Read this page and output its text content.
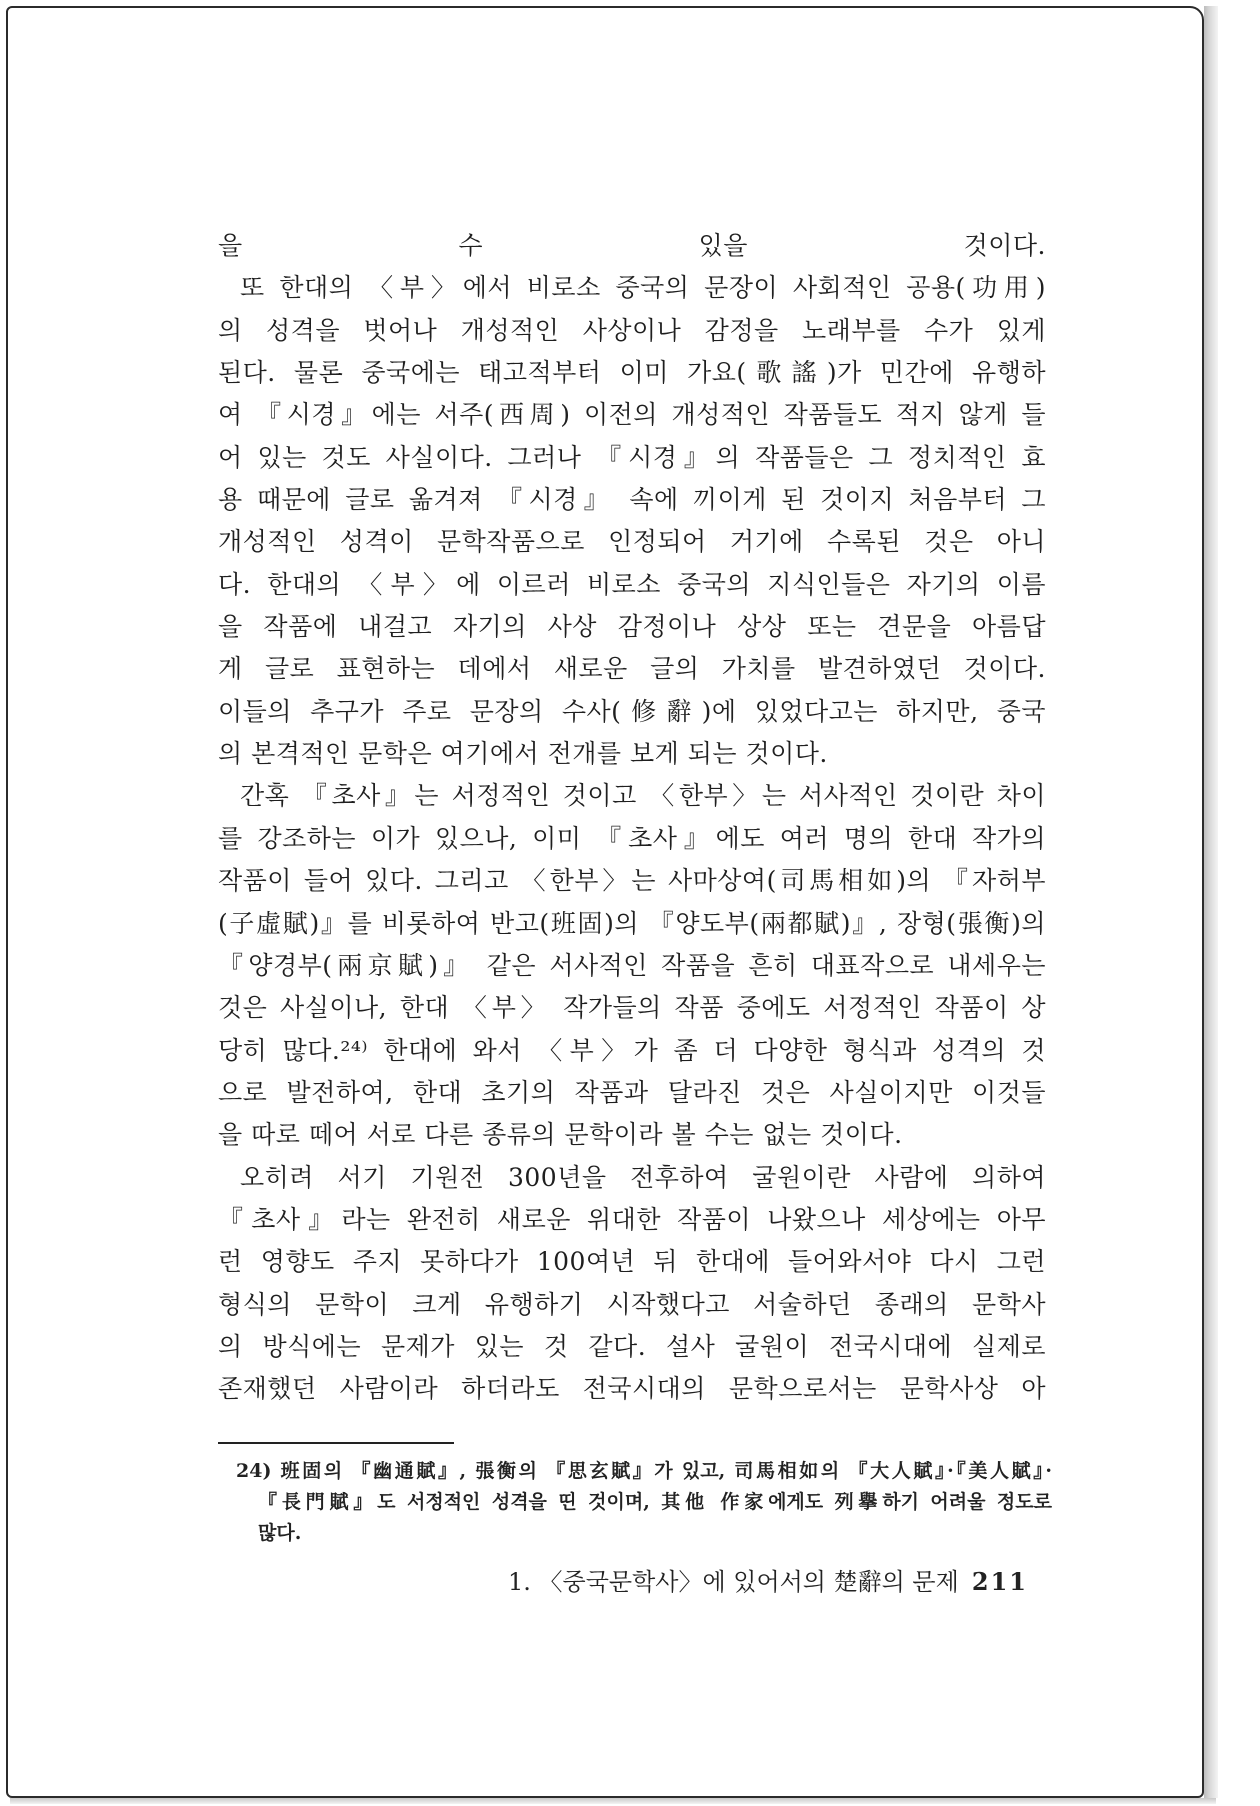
을 수 있을 것이다.
또 한대의 〈부〉에서 비로소 중국의 문장이 사회적인 공용(功用)
의 성격을 벗어나 개성적인 사상이나 감정을 노래부를 수가 있게
된다. 물론 중국에는 태고적부터 이미 가요(歌謠)가 민간에 유행하
여 『시경』에는 서주(西周) 이전의 개성적인 작품들도 적지 않게 들
어 있는 것도 사실이다. 그러나 『시경』의 작품들은 그 정치적인 효
용 때문에 글로 옮겨져 『시경』 속에 끼이게 된 것이지 처음부터 그
개성적인 성격이 문학작품으로 인정되어 거기에 수록된 것은 아니
다. 한대의 〈부〉에 이르러 비로소 중국의 지식인들은 자기의 이름
을 작품에 내걸고 자기의 사상 감정이나 상상 또는 견문을 아름답
게 글로 표현하는 데에서 새로운 글의 가치를 발견하였던 것이다.
이들의 추구가 주로 문장의 수사(修辭)에 있었다고는 하지만, 중국
의 본격적인 문학은 여기에서 전개를 보게 되는 것이다.
간혹 『초사』는 서정적인 것이고 〈한부〉는 서사적인 것이란 차이
를 강조하는 이가 있으나, 이미 『초사』에도 여러 명의 한대 작가의
작품이 들어 있다. 그리고 〈한부〉는 사마상여(司馬相如)의 『자허부
(子虛賦)』를 비롯하여 반고(班固)의 『양도부(兩都賦)』, 장형(張衡)의
『양경부(兩京賦)』 같은 서사적인 작품을 흔히 대표작으로 내세우는
것은 사실이나, 한대 〈부〉 작가들의 작품 중에도 서정적인 작품이 상
당히 많다.²⁴⁾ 한대에 와서 〈부〉가 좀 더 다양한 형식과 성격의 것
으로 발전하여, 한대 초기의 작품과 달라진 것은 사실이지만 이것들
을 따로 떼어 서로 다른 종류의 문학이라 볼 수는 없는 것이다.
오히려 서기 기원전 300년을 전후하여 굴원이란 사람에 의하여
『초사』라는 완전히 새로운 위대한 작품이 나왔으나 세상에는 아무
런 영향도 주지 못하다가 100여년 뒤 한대에 들어와서야 다시 그런
형식의 문학이 크게 유행하기 시작했다고 서술하던 종래의 문학사
의 방식에는 문제가 있는 것 같다. 설사 굴원이 전국시대에 실제로
존재했던 사람이라 하더라도 전국시대의 문학으로서는 문학사상 아
24) 班固의 『幽通賦』, 張衡의 『思玄賦』가 있고, 司馬相如의 『大人賦』·『美人賦』·
『長門賦』도 서정적인 성격을 띤 것이며, 其他 作家에게도 列擧하기 어려울 정도로
많다.
1. 〈중국문학사〉에 있어서의 楚辭의 문제 211
